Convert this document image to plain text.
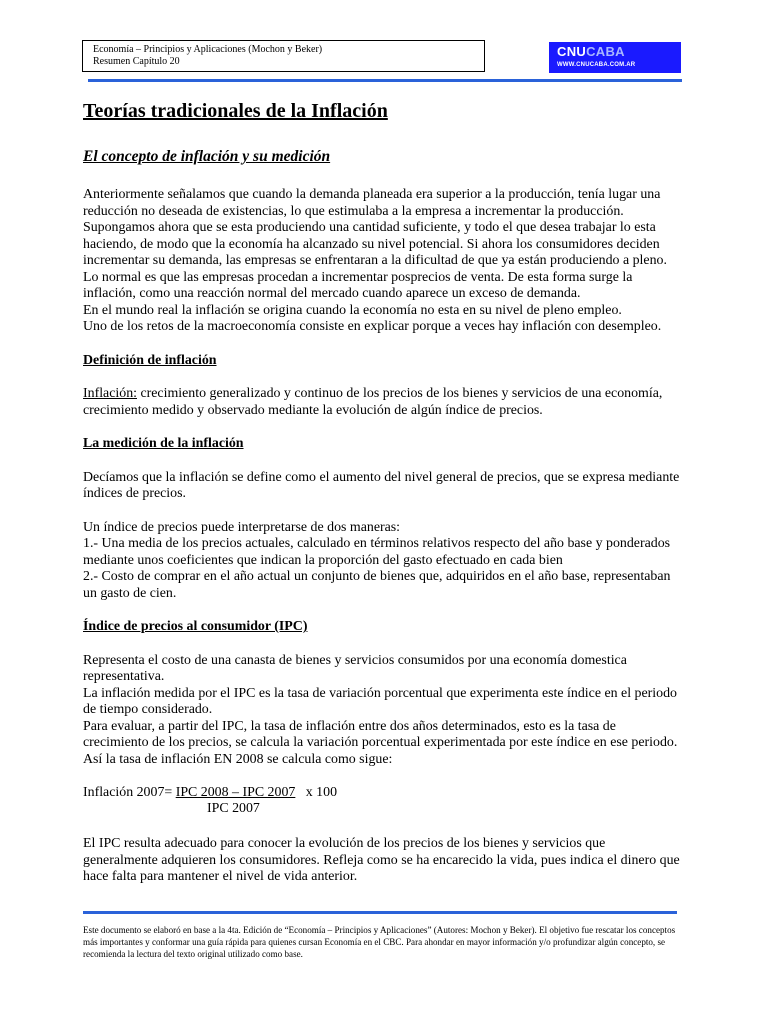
Economía – Principios y Aplicaciones (Mochon y Beker)
Resumen Capítulo 20
CNUCABA
WWW.CNUCABA.COM.AR
Teorías tradicionales de la Inflación
El concepto de inflación y su medición

Anteriormente señalamos que cuando la demanda planeada era superior a la producción, tenía lugar una reducción no deseada de existencias, lo que estimulaba a la empresa a incrementar la producción. Supongamos ahora que se esta produciendo una cantidad suficiente, y todo el que desea trabajar lo esta haciendo, de modo que la economía ha alcanzado su nivel potencial. Si ahora los consumidores deciden incrementar su demanda, las empresas se enfrentaran a la dificultad de que ya están produciendo a pleno. Lo normal es que las empresas procedan a incrementar posprecios de venta. De esta forma surge la inflación, como una reacción normal del mercado cuando aparece un exceso de demanda.

En el mundo real la inflación se origina cuando la economía no esta en su nivel de pleno empleo.

Uno de los retos de la macroeconomía consiste en explicar porque a veces hay inflación con desempleo.

Definición de inflación

Inflación: crecimiento generalizado y continuo de los precios de los bienes y servicios de una economía, crecimiento medido y observado mediante la evolución de algún índice de precios.

La medición de la inflación

Decíamos que la inflación se define como el aumento del nivel general de precios, que se expresa mediante índices de precios.

Un índice de precios puede interpretarse de dos maneras:

1.- Una media de los precios actuales, calculado en términos relativos respecto del año base y ponderados mediante unos coeficientes que indican la proporción del gasto efectuado en cada bien

2.- Costo de comprar en el año actual un conjunto de bienes que, adquiridos en el año base, representaban un gasto de cien.

Índice de precios al consumidor (IPC)

Representa el costo de una canasta de bienes y servicios consumidos por una economía domestica representativa.

La inflación medida por el IPC es la tasa de variación porcentual que experimenta este índice en el periodo de tiempo considerado.

Para evaluar, a partir del IPC, la tasa de inflación entre dos años determinados, esto es la tasa de crecimiento de los precios, se calcula la variación porcentual experimentada por este índice en ese periodo. Así la tasa de inflación EN 2008 se calcula como sigue:

Inflación 2007= IPC 2008 – IPC 2007   x 100
IPC 2007

El IPC resulta adecuado para conocer la evolución de los precios de los bienes y servicios que generalmente adquieren los consumidores. Refleja como se ha encarecido la vida, pues indica el dinero que hace falta para mantener el nivel de vida anterior.

Este documento se elaboró en base a la 4ta. Edición de “Economía – Principios y Aplicaciones” (Autores: Mochon y Beker). El objetivo fue rescatar los conceptos más importantes y conformar una guía rápida para quienes cursan Economía en el CBC. Para ahondar en mayor información y/o profundizar algún concepto, se recomienda la lectura del texto original utilizado como base.
